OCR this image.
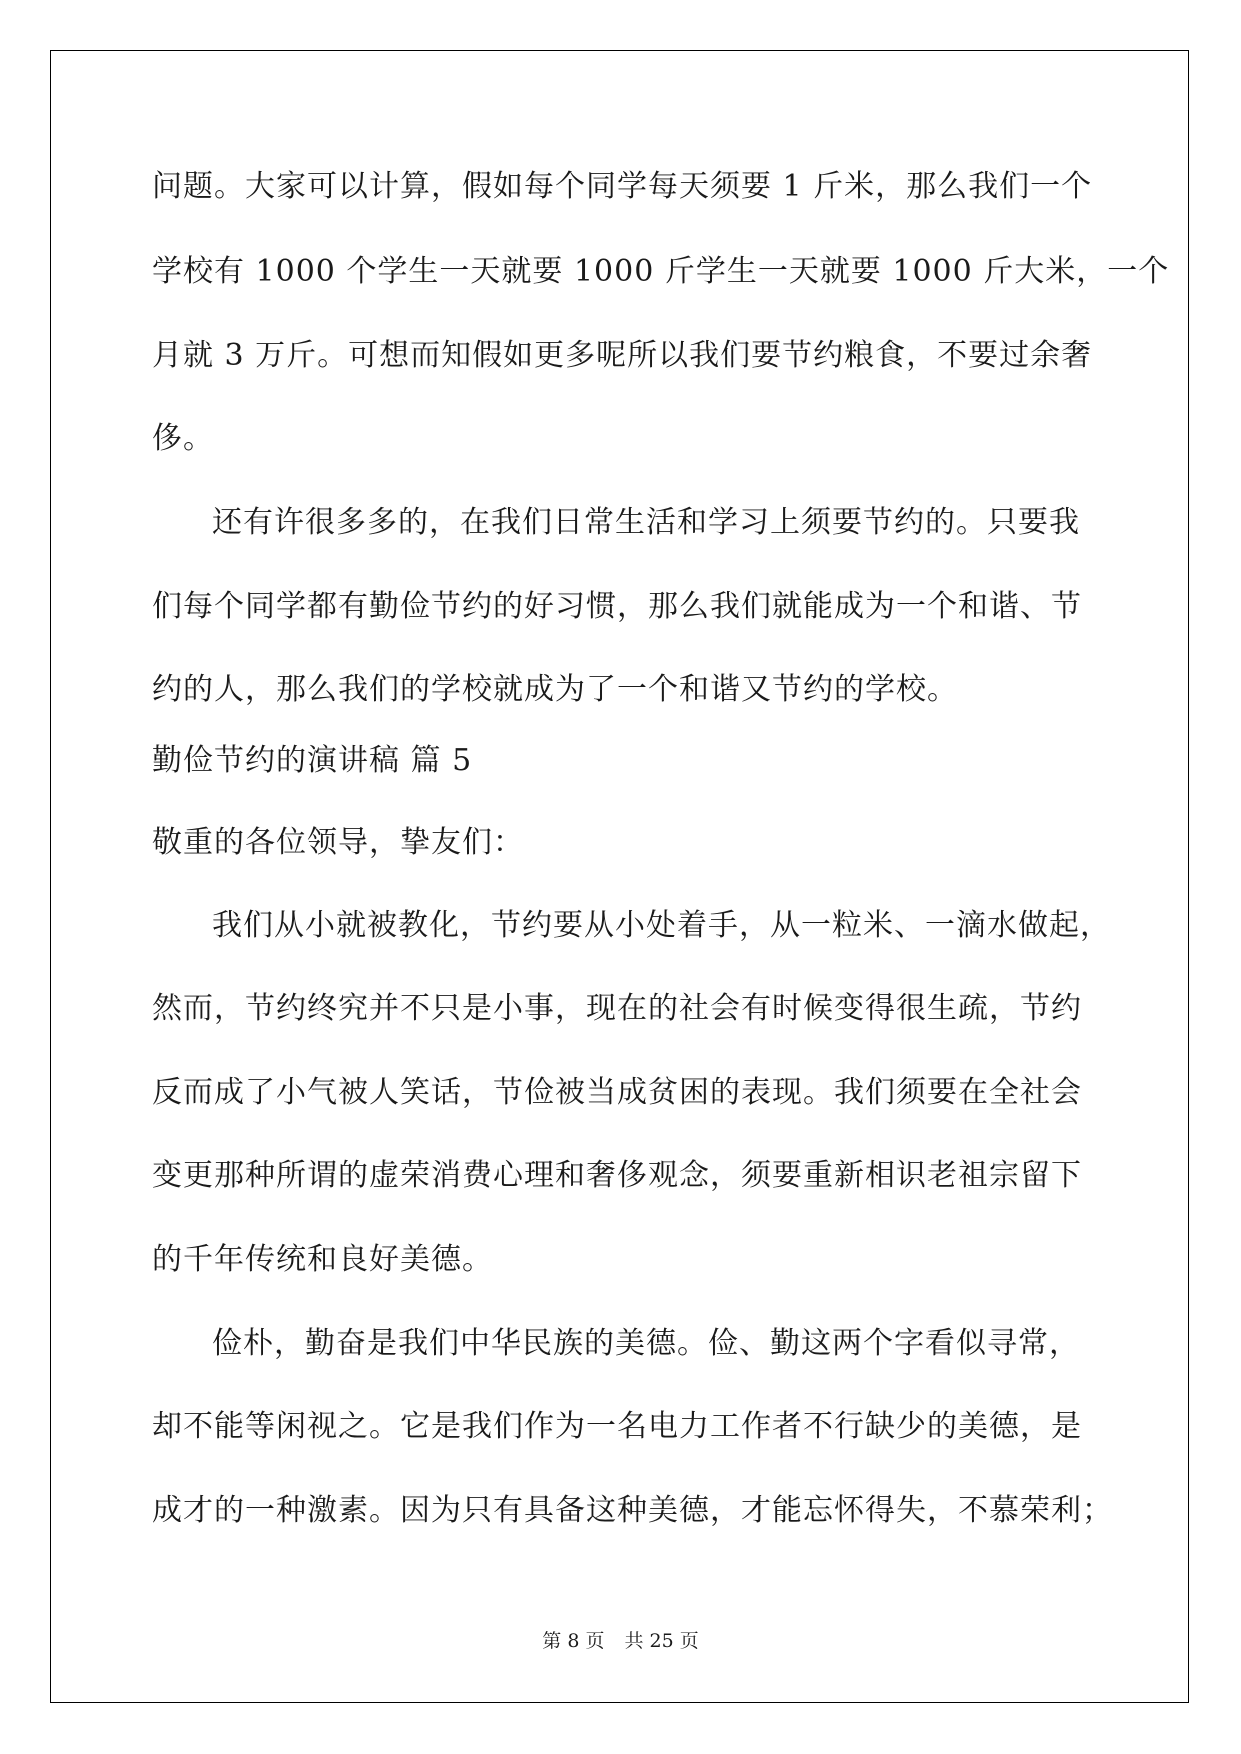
问题。大家可以计算，假如每个同学每天须要 1 斤米，那么我们一个

学校有 1000 个学生一天就要 1000 斤学生一天就要 1000 斤大米，一个

月就 3 万斤。可想而知假如更多呢所以我们要节约粮食，不要过余奢

侈。

还有许很多多的，在我们日常生活和学习上须要节约的。只要我

们每个同学都有勤俭节约的好习惯，那么我们就能成为一个和谐、节

约的人，那么我们的学校就成为了一个和谐又节约的学校。

勤俭节约的演讲稿 篇 5

敬重的各位领导，挚友们：

我们从小就被教化，节约要从小处着手，从一粒米、一滴水做起，

然而，节约终究并不只是小事，现在的社会有时候变得很生疏，节约

反而成了小气被人笑话，节俭被当成贫困的表现。我们须要在全社会

变更那种所谓的虚荣消费心理和奢侈观念，须要重新相识老祖宗留下

的千年传统和良好美德。

俭朴，勤奋是我们中华民族的美德。俭、勤这两个字看似寻常，

却不能等闲视之。它是我们作为一名电力工作者不行缺少的美德，是

成才的一种激素。因为只有具备这种美德，才能忘怀得失，不慕荣利；

第 8 页 共 25 页
